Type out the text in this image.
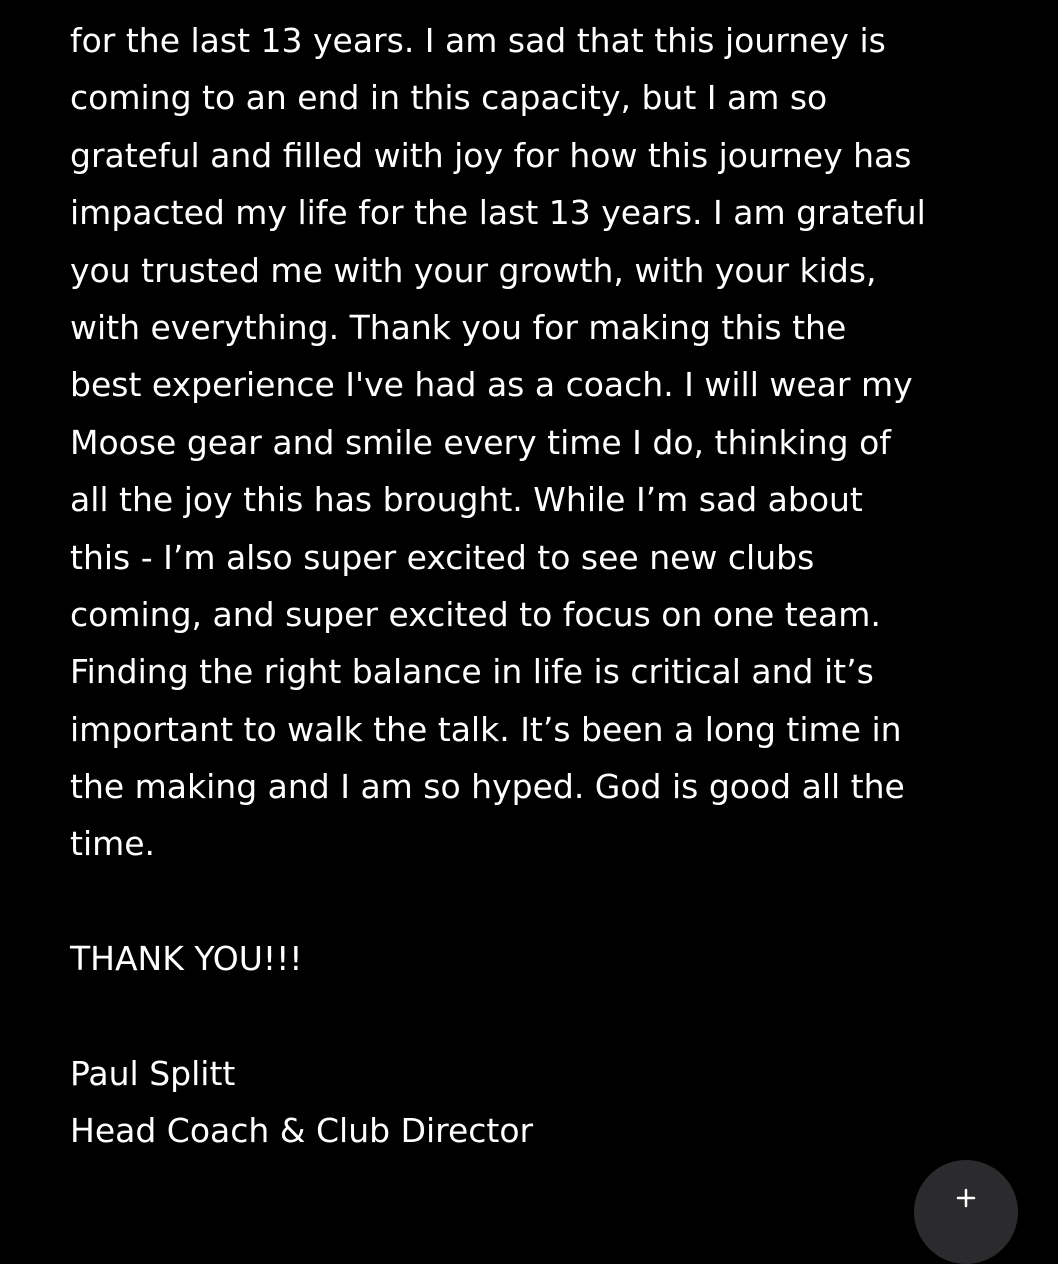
for the last 13 years. I am sad that this journey is
coming to an end in this capacity, but I am so
grateful and filled with joy for how this journey has
impacted my life for the last 13 years. I am grateful
you trusted me with your growth, with your kids,
with everything. Thank you for making this the
best experience I've had as a coach. I will wear my
Moose gear and smile every time I do, thinking of
all the joy this has brought. While I’m sad about
this - I’m also super excited to see new clubs
coming, and super excited to focus on one team.
Finding the right balance in life is critical and it’s
important to walk the talk. It’s been a long time in
the making and I am so hyped. God is good all the
time.
THANK YOU!!!
Paul Splitt
Head Coach & Club Director
